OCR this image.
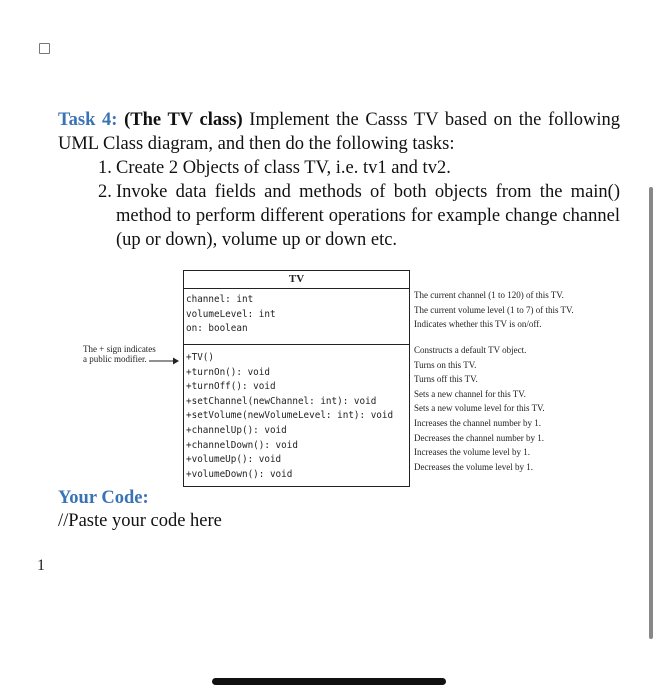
Task 4: (The TV class) Implement the Casss TV based on the following UML Class diagram, and then do the following tasks:

1. Create 2 Objects of class TV, i.e. tv1 and tv2.
2. Invoke data fields and methods of both objects from the main() method to perform different operations for example change channel (up or down), volume up or down etc.
TV
channel: int
volumeLevel: int
on: boolean
+TV()
+turnOn(): void
+turnOff(): void
+setChannel(newChannel: int): void
+setVolume(newVolumeLevel: int): void
+channelUp(): void
+channelDown(): void
+volumeUp(): void
+volumeDown(): void
The current channel (1 to 120) of this TV.
The current volume level (1 to 7) of this TV.
Indicates whether this TV is on/off.
Constructs a default TV object.
Turns on this TV.
Turns off this TV.
Sets a new channel for this TV.
Sets a new volume level for this TV.
Increases the channel number by 1.
Decreases the channel number by 1.
Increases the volume level by 1.
Decreases the volume level by 1.
The + sign indicates
a public modifier.
Your Code:
//Paste your code here
1
